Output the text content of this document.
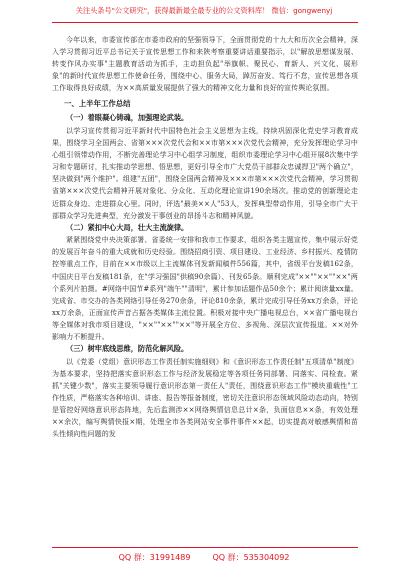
关注头条号"公文研究"，获得最新最全最专业的公文资料库！ 微信：gongwenyj

今年以来，市委宣传部在市委市政府的坚强领导下，全面贯彻党的十九大和历次全会精神，深入学习贯彻习近平总书记关于宣传思想工作和来陕考察重要讲话重要指示，以"解放思想谋发展、转变作风办实事"主题教育活动为抓手，主动担负起"举旗帜、聚民心、育新人、兴文化、展形象"的新时代宣传思想工作使命任务，围绕中心、服务大局，踔厉奋发、笃行不怠，宣传思想各项工作取得良好成绩，为××高质量发展提供了强大的精神文化力量和良好的宣传舆论氛围。

一、上半年工作总结
（一）着眼凝心铸魂，加强理论武装。

以学习宣传贯彻习近平新时代中国特色社会主义思想为主线，持续巩固深化党史学习教育成果，围绕学习全国两会、省第×××次党代会和××市第×××次党代会精神，充分发挥理论学习中心组引领带动作用，不断完善理论学习中心组学习制度，组织市委理论学习中心组开展8次集中学习和专题研讨，扎实推动学思想、悟思想，更好引导全市广大党员干部群众忠诚捍卫"两个确立"，坚决做到"两个维护"。组建"五团"，围绕全国两会精神及×××市第×××次党代会精神，学习贯彻省第×××次党代会精神开展对象化、分众化、互动化理论宣讲190余场次。推动党的创新理论走近群众身边、走进群众心里。同时，评选"最美××人"53人，发挥典型带动作用，引导全市广大干部群众学习先进典型，充分激发干事创业的昂扬斗志和精神风貌。

（二）紧扣中心大局，壮大主流旋律。

紧紧围绕党中央决策部署、省委统一安排和我市工作要求，组织各类主题宣传，集中展示好党的发展百年奋斗的重大成就和历史经验。围绕招商引资、项目建设、工业经济、乡村振兴、疫情防控等重点工作，目前在××市级以上主流媒体刊发新闻稿件556篇，其中，省级平台发稿162条，中国庆日平台发稿181条，在"学习强国"供稿90余篇）、刊发65条。顺利完成"××""××""××"两个系列片拍摄。#网络中国节#系列"端午""清明"，累计参加话题作品50余个；累计阅读量xx量。完成省、市交办的各类网络引导任务270余条，评论810余条，累计完成引导任务xx万余条，评论xx万余条，正面宣传声音占据各类媒体主流位置。积极对接中央广播电视总台，××省广播电视台等全媒体对我市项目建设，"××""××""××"等开展全方位、多视角、深层次宣传报道。××对外影响力不断提升。

（三）树牢底线思维，防范化解风险。

以《党委（党组）意识形态工作责任制实施细则》和《意识形态工作责任制"五项清单"制度》为基本要求，坚持把落实意识形态工作与经济发展稳定等各项任务同部署、同落实、同检查。紧抓"关键少数"，落实主要领导履行意识形态第一责任人"责任，围绕意识形态工作"模块重载性"工作性质，严格落实各种培训、讲座、报告等报备制度，密切关注意识形态领域风险动态动向，特别是管控好网络意识形态阵地，先后监测涉××网络舆情信息总计×条，负面信息××条，有效处理××余次，编写舆情快报×期，处理全市各类网站安全事件事件××起，切实提高对敏感舆情和苗头性倾向性问题的发

QQ 群：31991489	QQ 群：535304092
